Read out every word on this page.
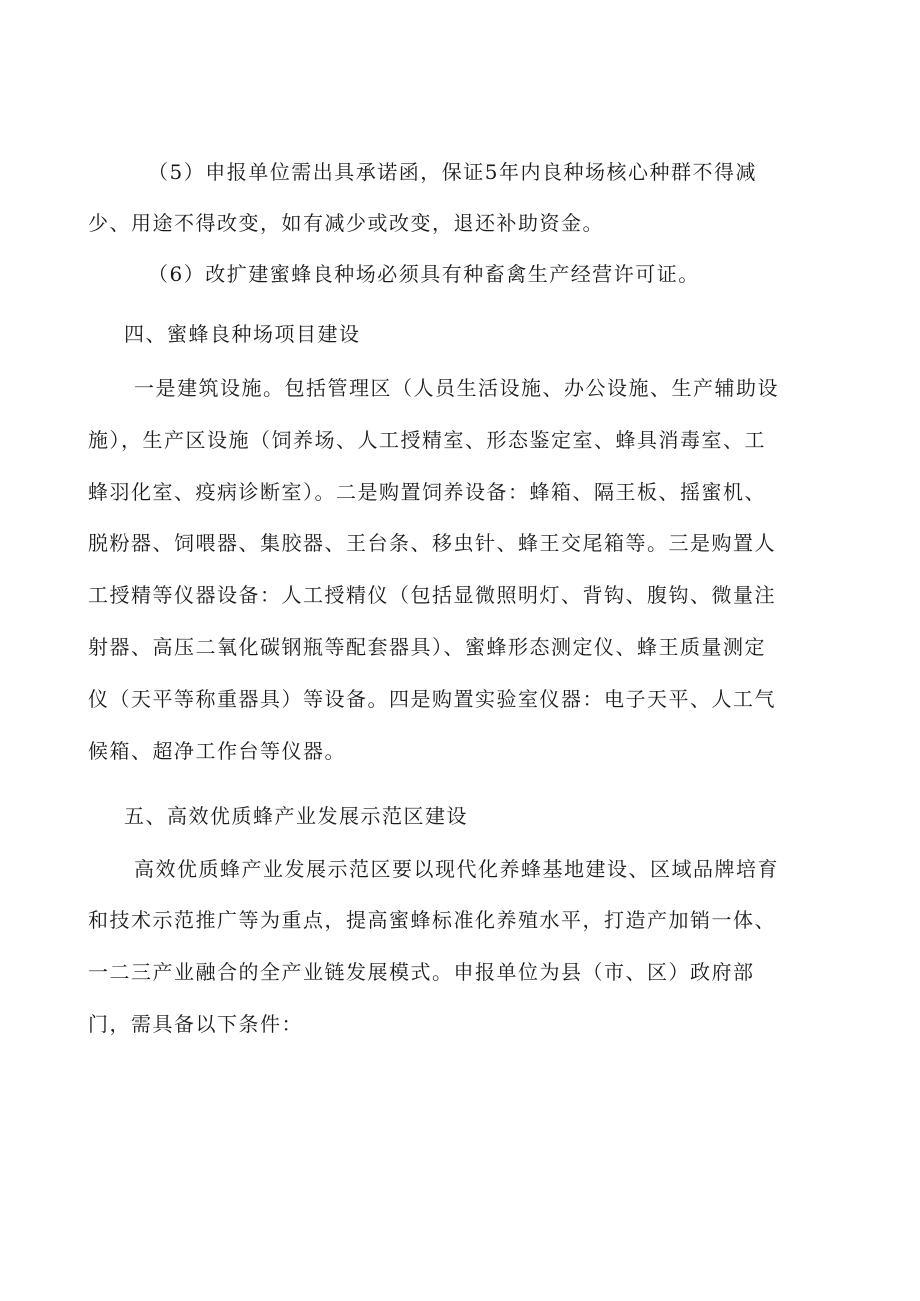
（5）申报单位需出具承诺函，保证5年内良种场核心种群不得减
少、用途不得改变，如有减少或改变，退还补助资金。
（6）改扩建蜜蜂良种场必须具有种畜禽生产经营许可证。
四、蜜蜂良种场项目建设
一是建筑设施。包括管理区（人员生活设施、办公设施、生产辅助设
施），生产区设施（饲养场、人工授精室、形态鉴定室、蜂具消毒室、工
蜂羽化室、疫病诊断室）。二是购置饲养设备：蜂箱、隔王板、摇蜜机、
脱粉器、饲喂器、集胶器、王台条、移虫针、蜂王交尾箱等。三是购置人
工授精等仪器设备：人工授精仪（包括显微照明灯、背钩、腹钩、微量注
射器、高压二氧化碳钢瓶等配套器具）、蜜蜂形态测定仪、蜂王质量测定
仪（天平等称重器具）等设备。四是购置实验室仪器：电子天平、人工气
候箱、超净工作台等仪器。
五、高效优质蜂产业发展示范区建设
高效优质蜂产业发展示范区要以现代化养蜂基地建设、区域品牌培育
和技术示范推广等为重点，提高蜜蜂标准化养殖水平，打造产加销一体、
一二三产业融合的全产业链发展模式。申报单位为县（市、区）政府部
门，需具备以下条件：
